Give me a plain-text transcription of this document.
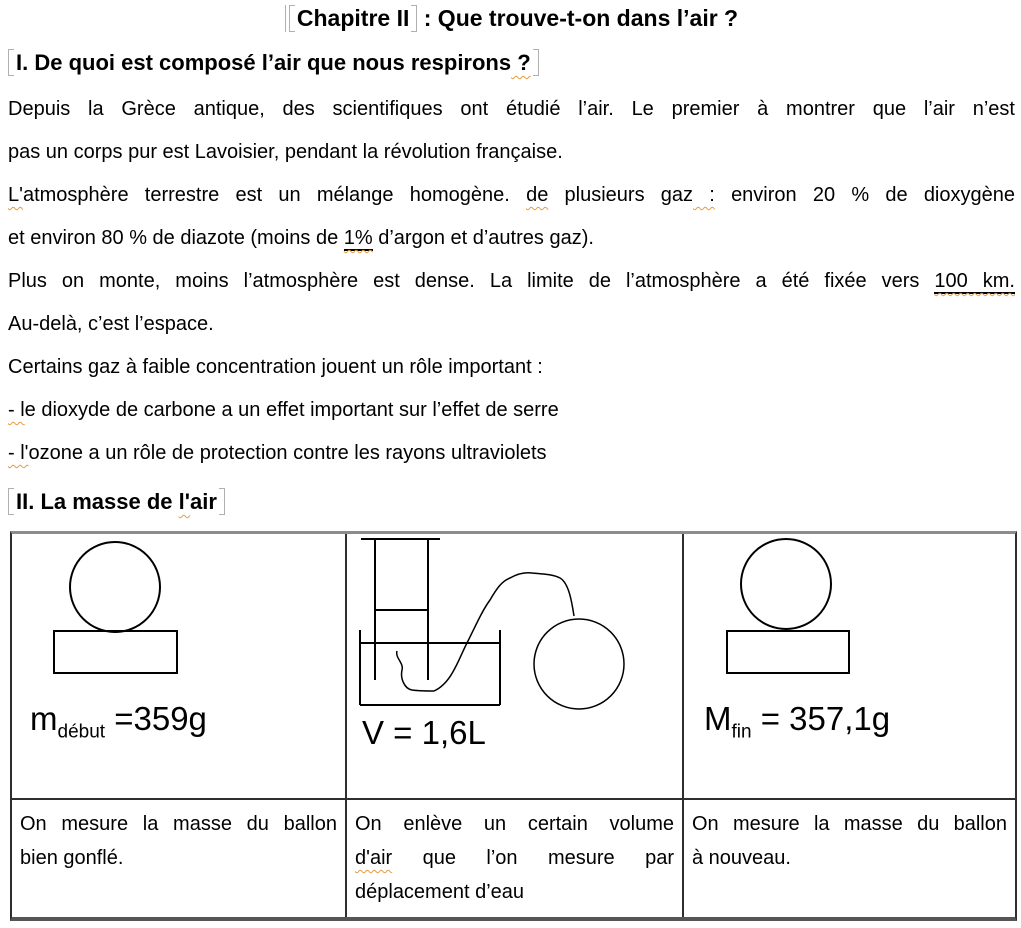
Chapitre II : Que trouve-t-on dans l’air ?
I. De quoi est composé l’air que nous respirons ?
Depuis la Grèce antique, des scientifiques ont étudié l’air. Le premier à montrer que l’air n’est
pas un corps pur est Lavoisier, pendant la révolution française.
L'atmosphère terrestre est un mélange homogène. de plusieurs gaz : environ 20 % de dioxygène
et environ 80 % de diazote (moins de 1% d’argon et d’autres gaz).
Plus on monte, moins l’atmosphère est dense. La limite de l’atmosphère a été fixée vers 100 km.
Au-delà, c’est l’espace.
Certains gaz à faible concentration jouent un rôle important :
- le dioxyde de carbone a un effet important sur l’effet de serre
- l'ozone a un rôle de protection contre les rayons ultraviolets
II. La masse de l'air
$m_{début} =359g$	V = 1,6L	$M_{fin} = 357,1g$
On mesure la masse du ballon
bien gonflé.
On enlève un certain volume
d'air que l’on mesure par
déplacement d’eau
On mesure la masse du ballon
à nouveau.
